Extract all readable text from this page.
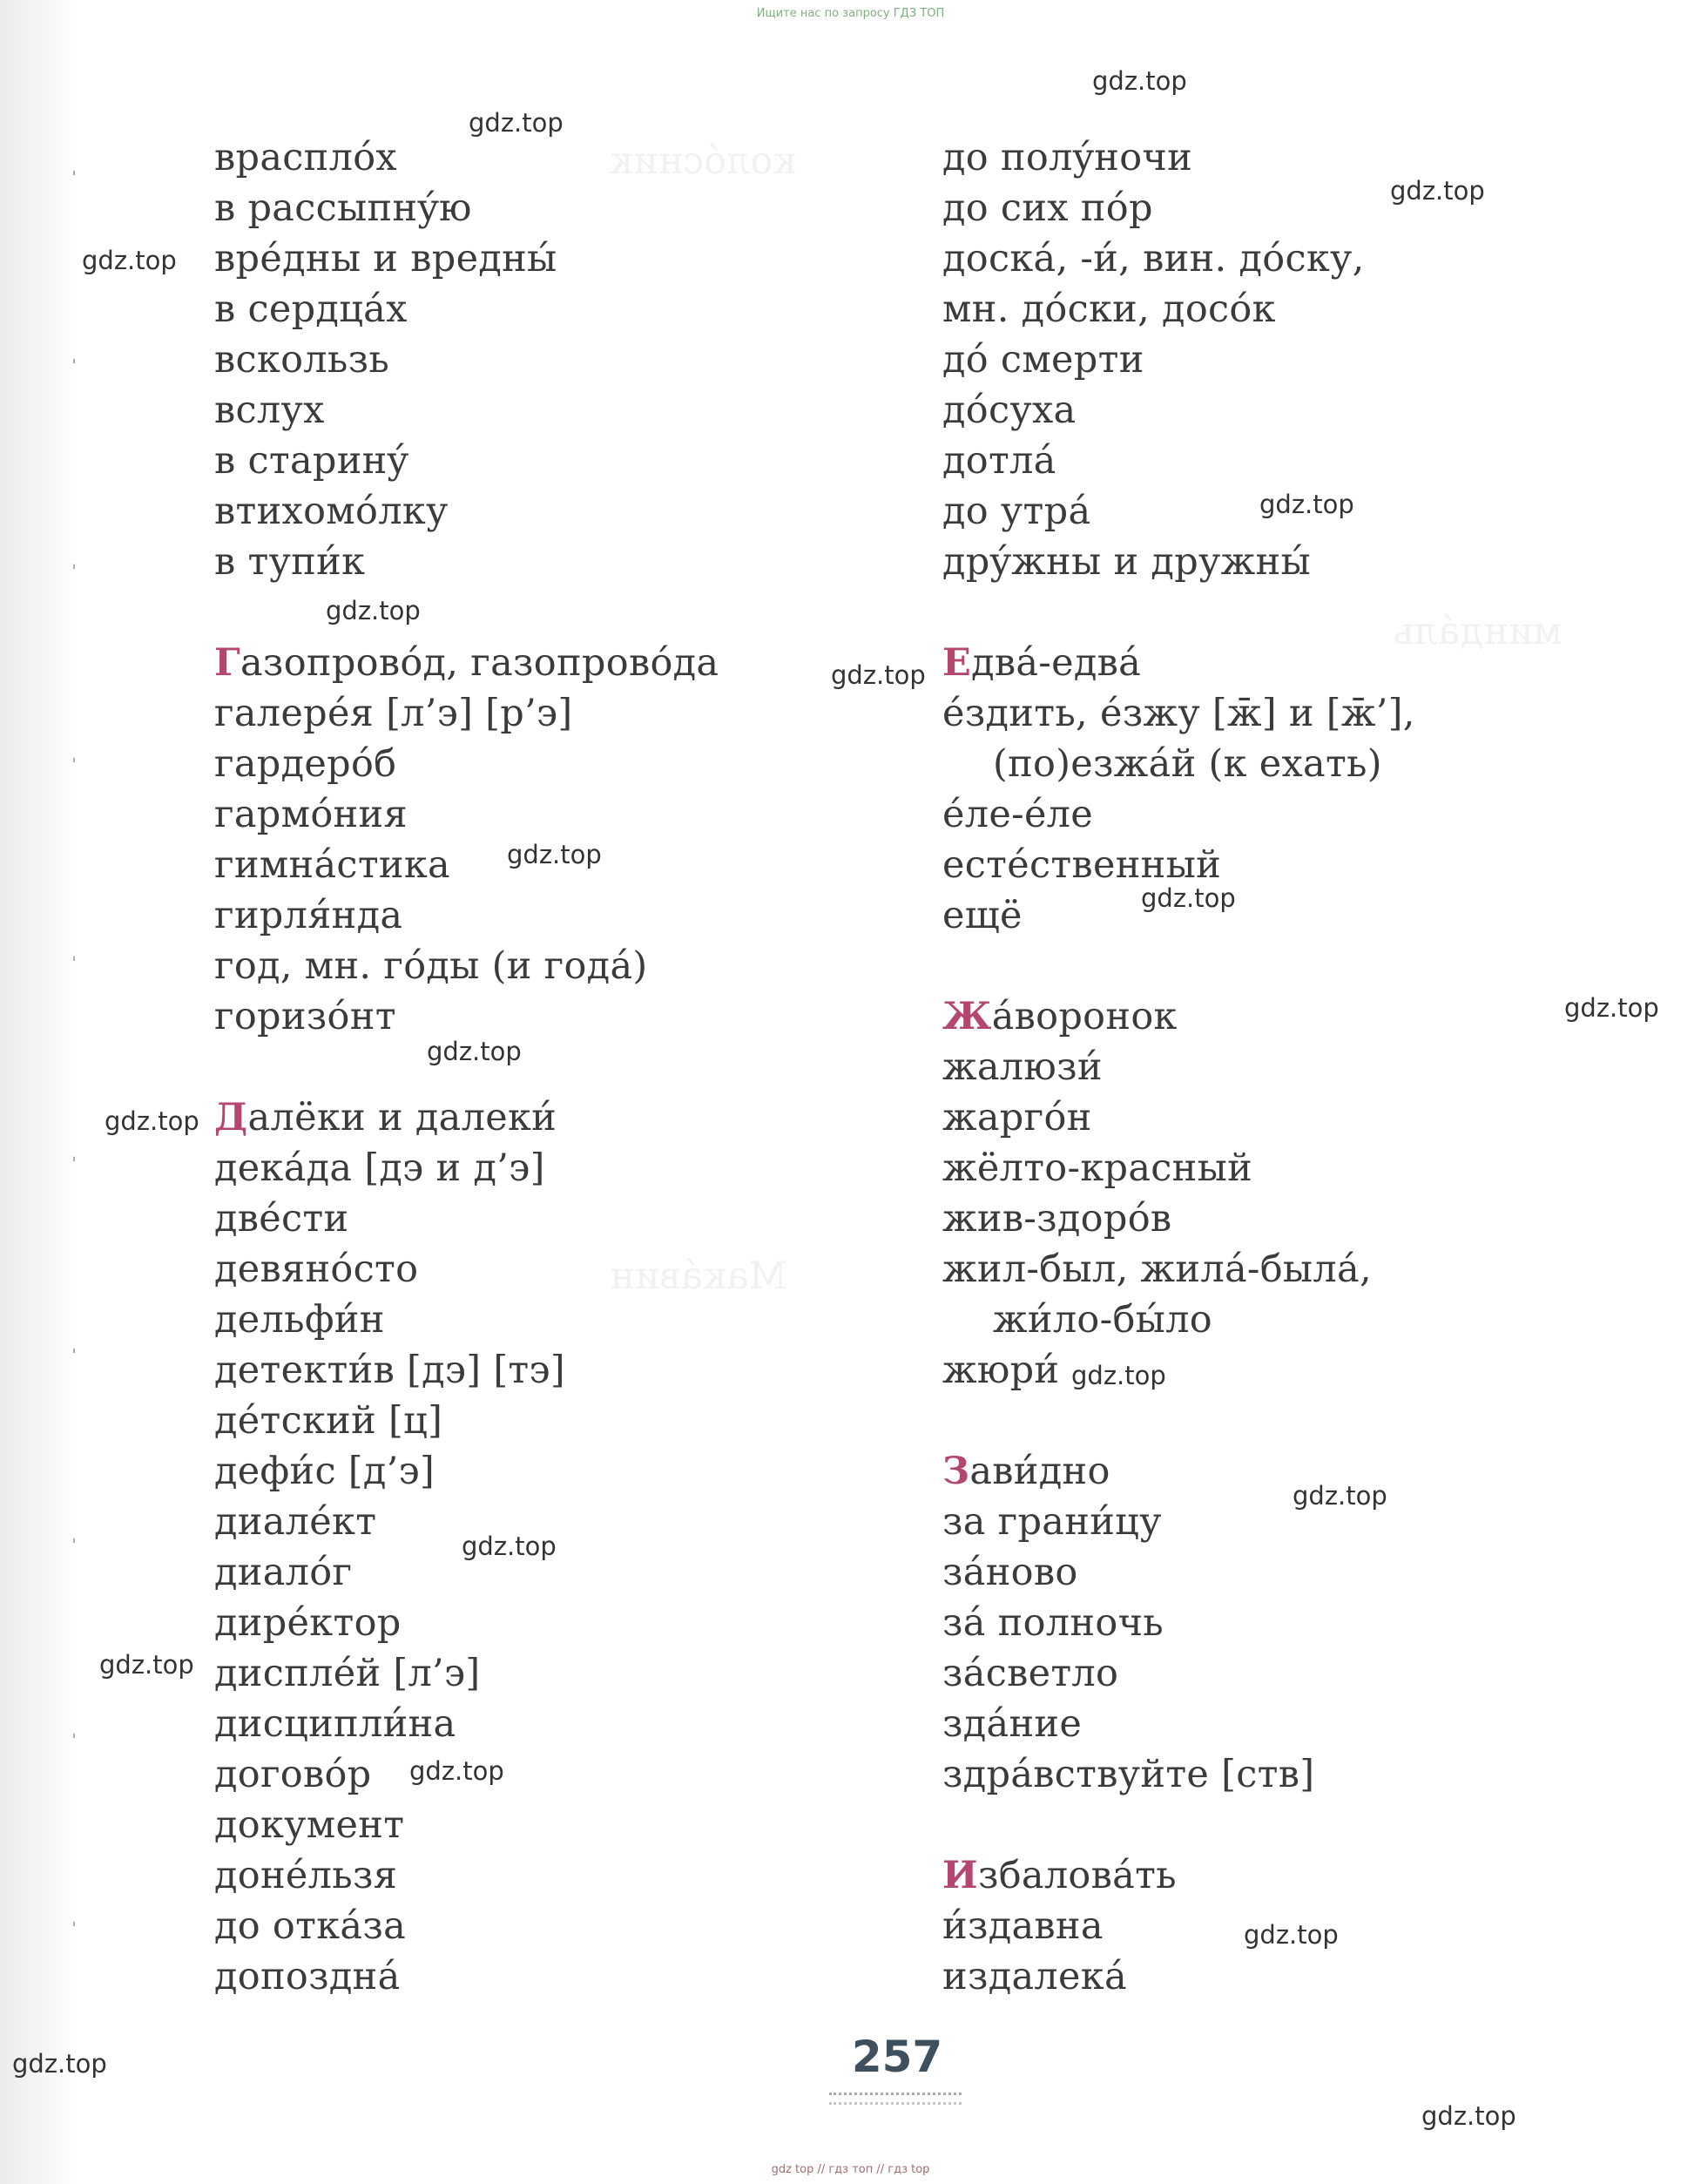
ˈ
ˈ
ˈ
ˈ
ˈ
ˈ
ˈ
ˈ
ˈ
ˈ
колóсник
Макáвин
миндáль
Ищите нас по запросу ГДЗ ТОП
врасплóх
в рассыпнýю
врéдны и вредны́
в сердцáх
вскользь
вслух
в старинý
втихомóлку
в тупи́к
Газопровóд, газопровóда
галерéя [л’э] [р’э]
гардерóб
гармóния
гимнáстика
гирля́нда
год, мн. гóды (и годá)
горизóнт
Далёки и далеки́
декáда [дэ и д’э]
двéсти
девянóсто
дельфи́н
детекти́в [дэ] [тэ]
дéтский [ц]
дефи́с [д’э]
диалéкт
диалóг
дирéктор
дисплéй [л’э]
дисципли́на
договóр
документ
донéльзя
до откáза
допозднá
до полýночи
до сих пóр
доскá, -и́, вин. дóску,
мн. дóски, досóк
дó смерти
дóсуха
дотлá
до утрá
дрýжны и дружны́
Едвá-едвá
éздить, éзжу [ж̄] и [ж̄’],
(по)езжáй (к ехать)
éле-éле
естéственный
ещё
Жáворонок
жалюзи́
жаргóн
жёлто-красный
жив-здорóв
жил-был, жилá-былá,
жи́ло-бы́ло
жюри́
Зави́дно
за грани́цу
зáново
зá полночь
зáсветло
здáние
здрáвствуйте [ств]
Избаловáть
и́здавна
издалекá
gdz.top
gdz.top
gdz.top
gdz.top
gdz.top
gdz.top
gdz.top
gdz.top
gdz.top
gdz.top
gdz.top
gdz.top
gdz.top
gdz.top
gdz.top
gdz.top
gdz.top
gdz.top
gdz.top
gdz.top
257
gdz top // гдз топ // гдз top
